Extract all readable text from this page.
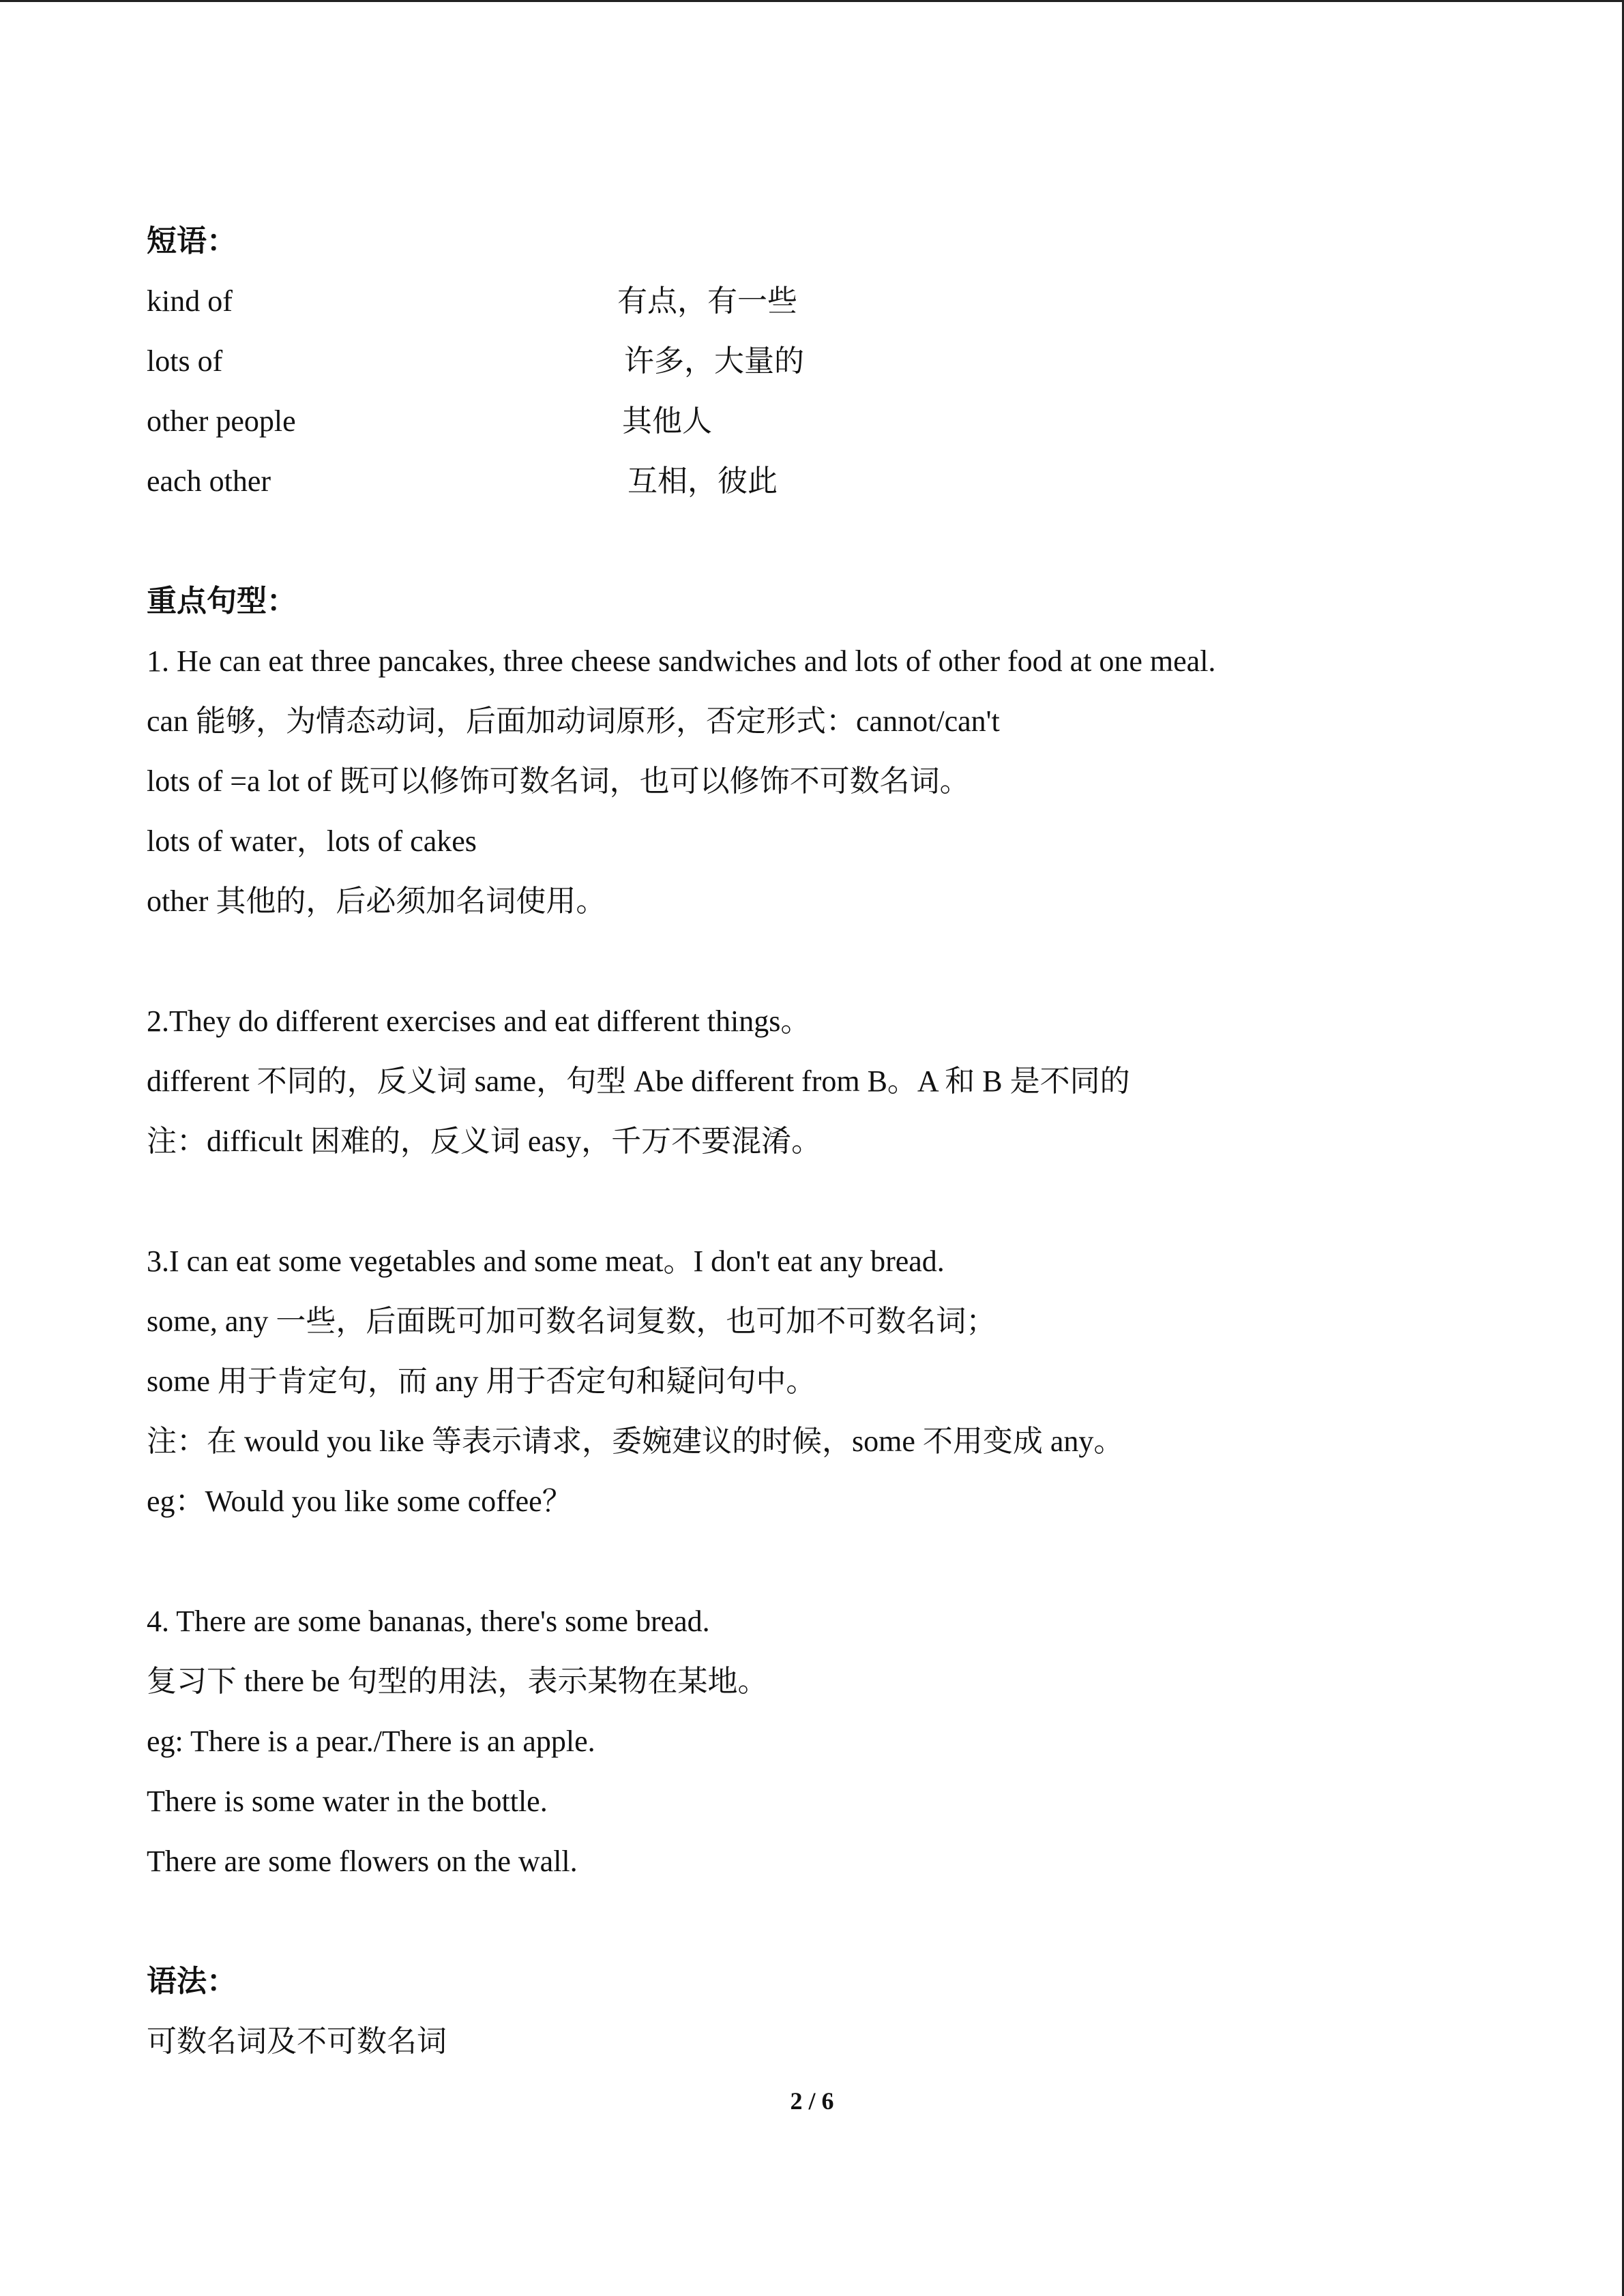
短语：
kind of	有点，有一些
lots of	许多，大量的
other people	其他人
each other	互相，彼此
重点句型：
1. He can eat three pancakes, three cheese sandwiches and lots of other food at one meal.
can 能够，为情态动词，后面加动词原形，否定形式：cannot/can't
lots of =a lot of 既可以修饰可数名词，也可以修饰不可数名词。
lots of water，lots of cakes
other 其他的，后必须加名词使用。
2.They do different exercises and eat different things。
different 不同的，反义词 same，句型 Abe different from B。A 和 B 是不同的
注：difficult 困难的，反义词 easy，千万不要混淆。
3.I can eat some vegetables and some meat。I don't eat any bread.
some, any 一些，后面既可加可数名词复数，也可加不可数名词；
some 用于肯定句，而 any 用于否定句和疑问句中。
注：在 would you like 等表示请求，委婉建议的时候，some 不用变成 any。
eg：Would you like some coffee？
4. There are some bananas, there's some bread.
复习下 there be 句型的用法，表示某物在某地。
eg: There is a pear./There is an apple.
There is some water in the bottle.
There are some flowers on the wall.
语法：
可数名词及不可数名词
2 / 6
